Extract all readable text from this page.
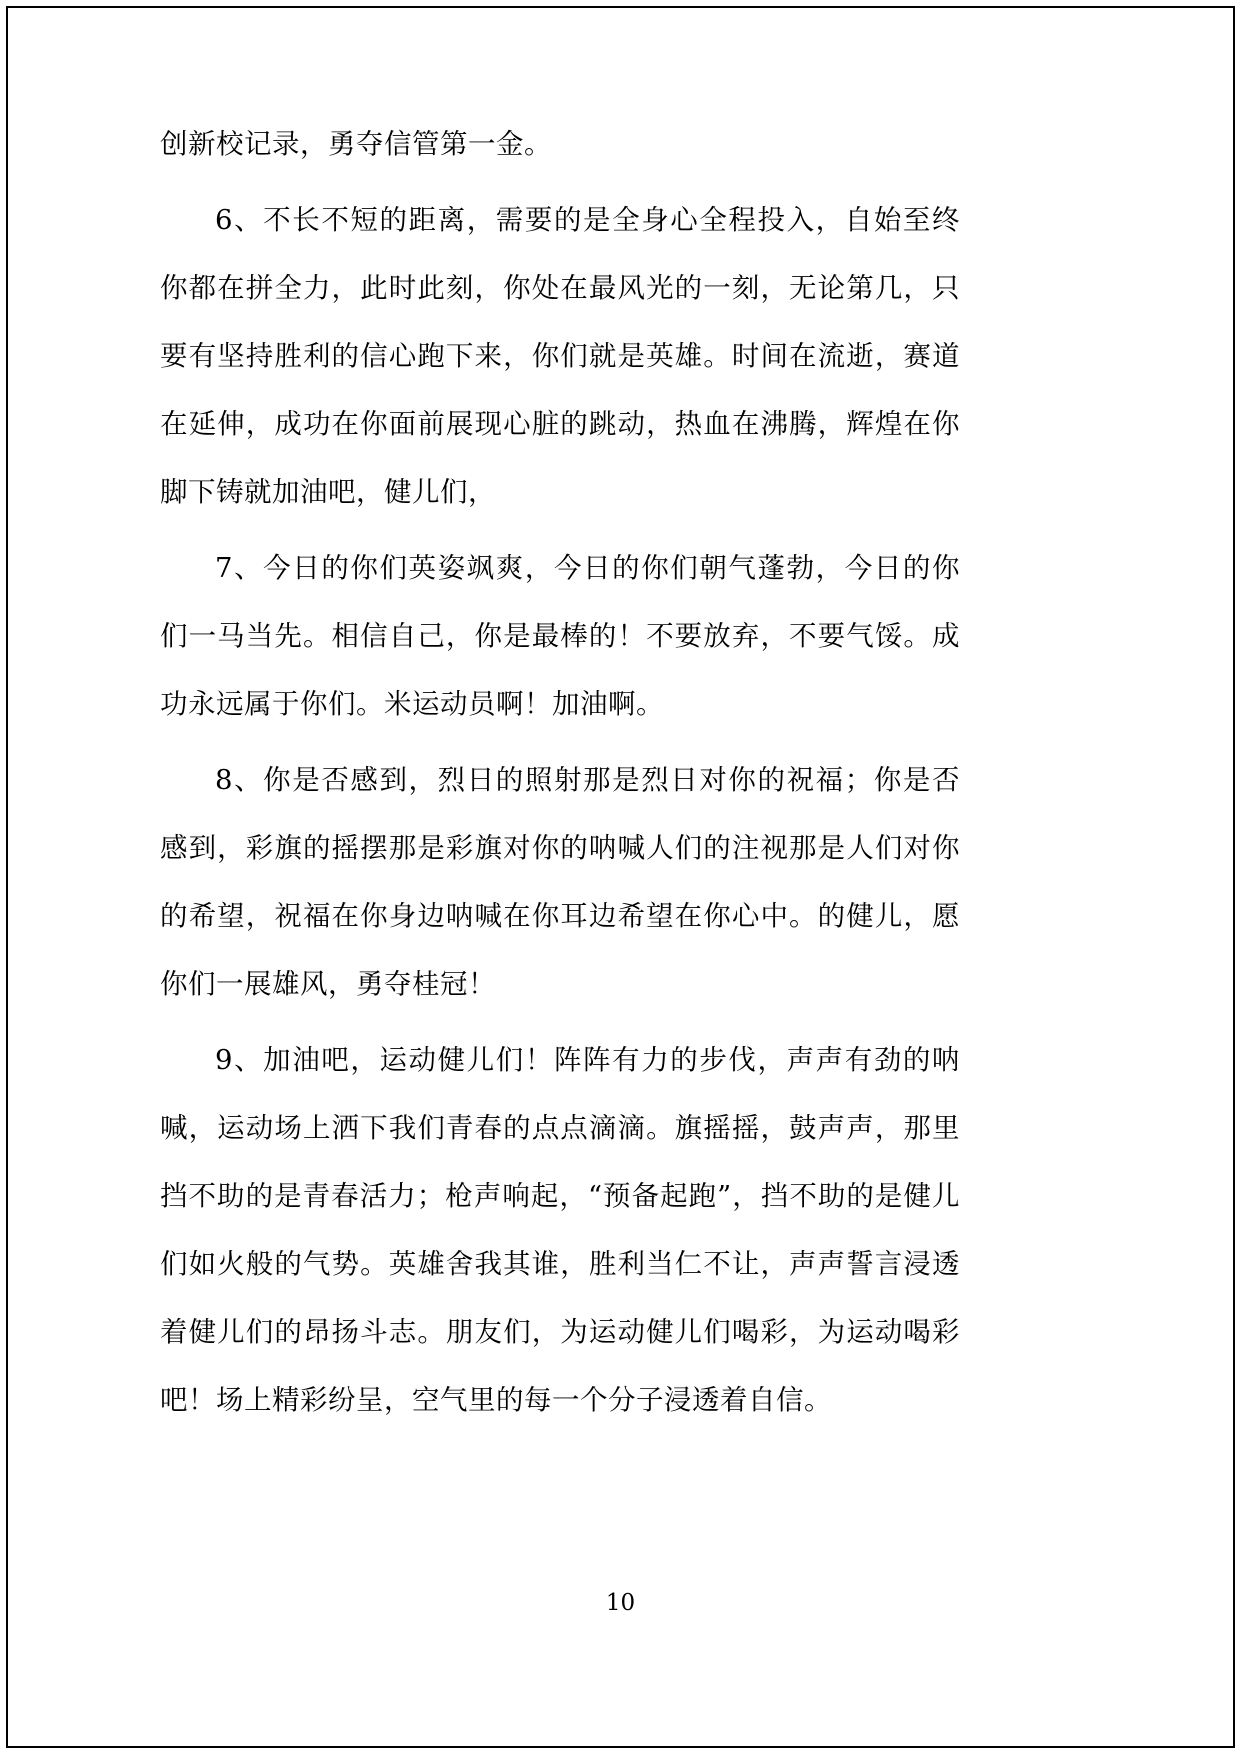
创新校记录，勇夺信管第一金。

6、不长不短的距离，需要的是全身心全程投入，自始至终你都在拼全力，此时此刻，你处在最风光的一刻，无论第几，只要有坚持胜利的信心跑下来，你们就是英雄。时间在流逝，赛道在延伸，成功在你面前展现心脏的跳动，热血在沸腾，辉煌在你脚下铸就加油吧，健儿们，

7、今日的你们英姿飒爽，今日的你们朝气蓬勃，今日的你们一马当先。相信自己，你是最棒的！不要放弃，不要气馁。成功永远属于你们。米运动员啊！加油啊。

8、你是否感到，烈日的照射那是烈日对你的祝福；你是否感到，彩旗的摇摆那是彩旗对你的呐喊人们的注视那是人们对你的希望，祝福在你身边呐喊在你耳边希望在你心中。的健儿，愿你们一展雄风，勇夺桂冠！

9、加油吧，运动健儿们！阵阵有力的步伐，声声有劲的呐喊，运动场上洒下我们青春的点点滴滴。旗摇摇，鼓声声，那里挡不助的是青春活力；枪声响起，“预备起跑”，挡不助的是健儿们如火般的气势。英雄舍我其谁，胜利当仁不让，声声誓言浸透着健儿们的昂扬斗志。朋友们，为运动健儿们喝彩，为运动喝彩吧！场上精彩纷呈，空气里的每一个分子浸透着自信。

10
